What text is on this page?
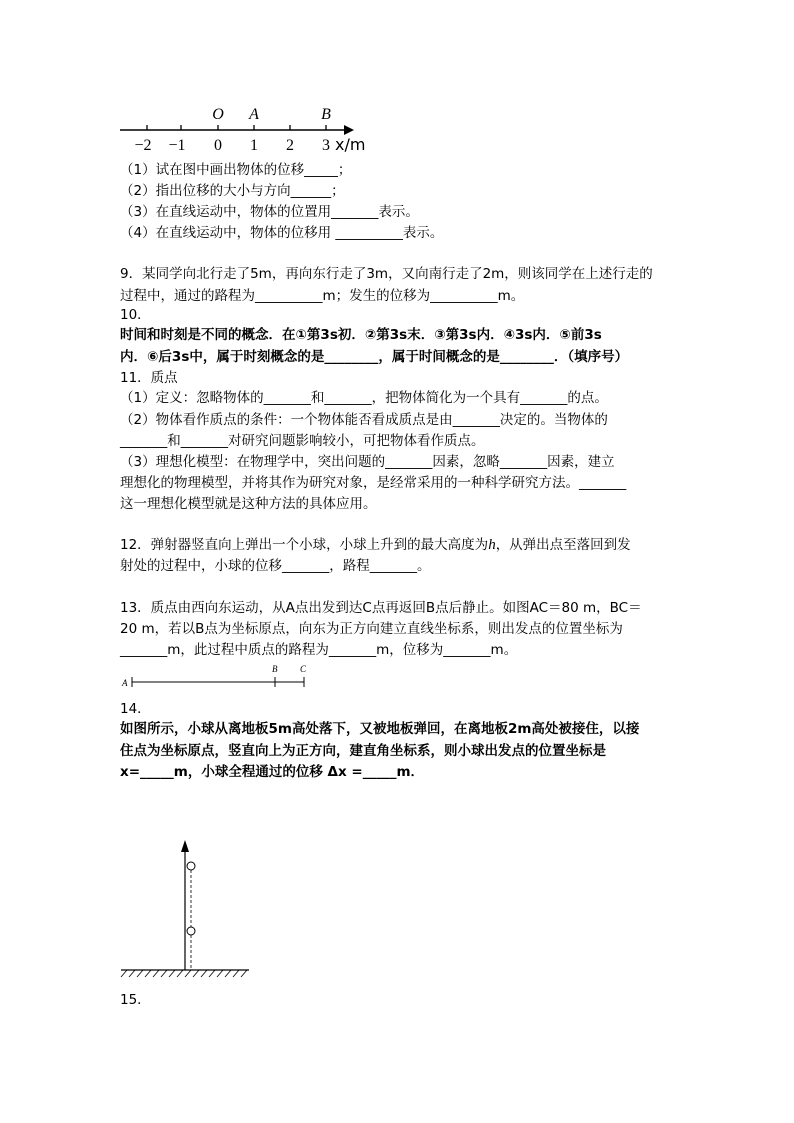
O A	B
−2 −1 0 1 2 3 x/m
（1）试在图中画出物体的位移_____；
（2）指出位移的大小与方向______；
（3）在直线运动中，物体的位置用_______表示。
（4）在直线运动中，物体的位移用 __________表示。
9．某同学向北行走了5m，再向东行走了3m，又向南行走了2m，则该同学在上述行走的
过程中，通过的路程为__________m；发生的位移为__________m。
10．
时间和时刻是不同的概念．在①第3s初．②第3s末．③第3s内．④3s内．⑤前3s
内．⑥后3s中，属于时刻概念的是________，属于时间概念的是________．（填序号）
11．质点
（1）定义：忽略物体的_______和_______，把物体简化为一个具有_______的点。
（2）物体看作质点的条件：一个物体能否看成质点是由_______决定的。当物体的
_______和_______对研究问题影响较小，可把物体看作质点。
（3）理想化模型：在物理学中，突出问题的_______因素，忽略_______因素，建立
理想化的物理模型，并将其作为研究对象，是经常采用的一种科学研究方法。_______
这一理想化模型就是这种方法的具体应用。
12．弹射器竖直向上弹出一个小球，小球上升到的最大高度为h，从弹出点至落回到发
射处的过程中，小球的位移_______，路程_______。
13．质点由西向东运动，从A点出发到达C点再返回B点后静止。如图AC＝80 m，BC＝
20 m，若以B点为坐标原点，向东为正方向建立直线坐标系，则出发点的位置坐标为
_______m，此过程中质点的路程为_______m，位移为_______m。
A
B	C
14．
如图所示，小球从离地板5m高处落下，又被地板弹回，在离地板2m高处被接住，以接
住点为坐标原点，竖直向上为正方向，建直角坐标系，则小球出发点的位置坐标是
x=_____m，小球全程通过的位移 Δx =_____m．
15．
